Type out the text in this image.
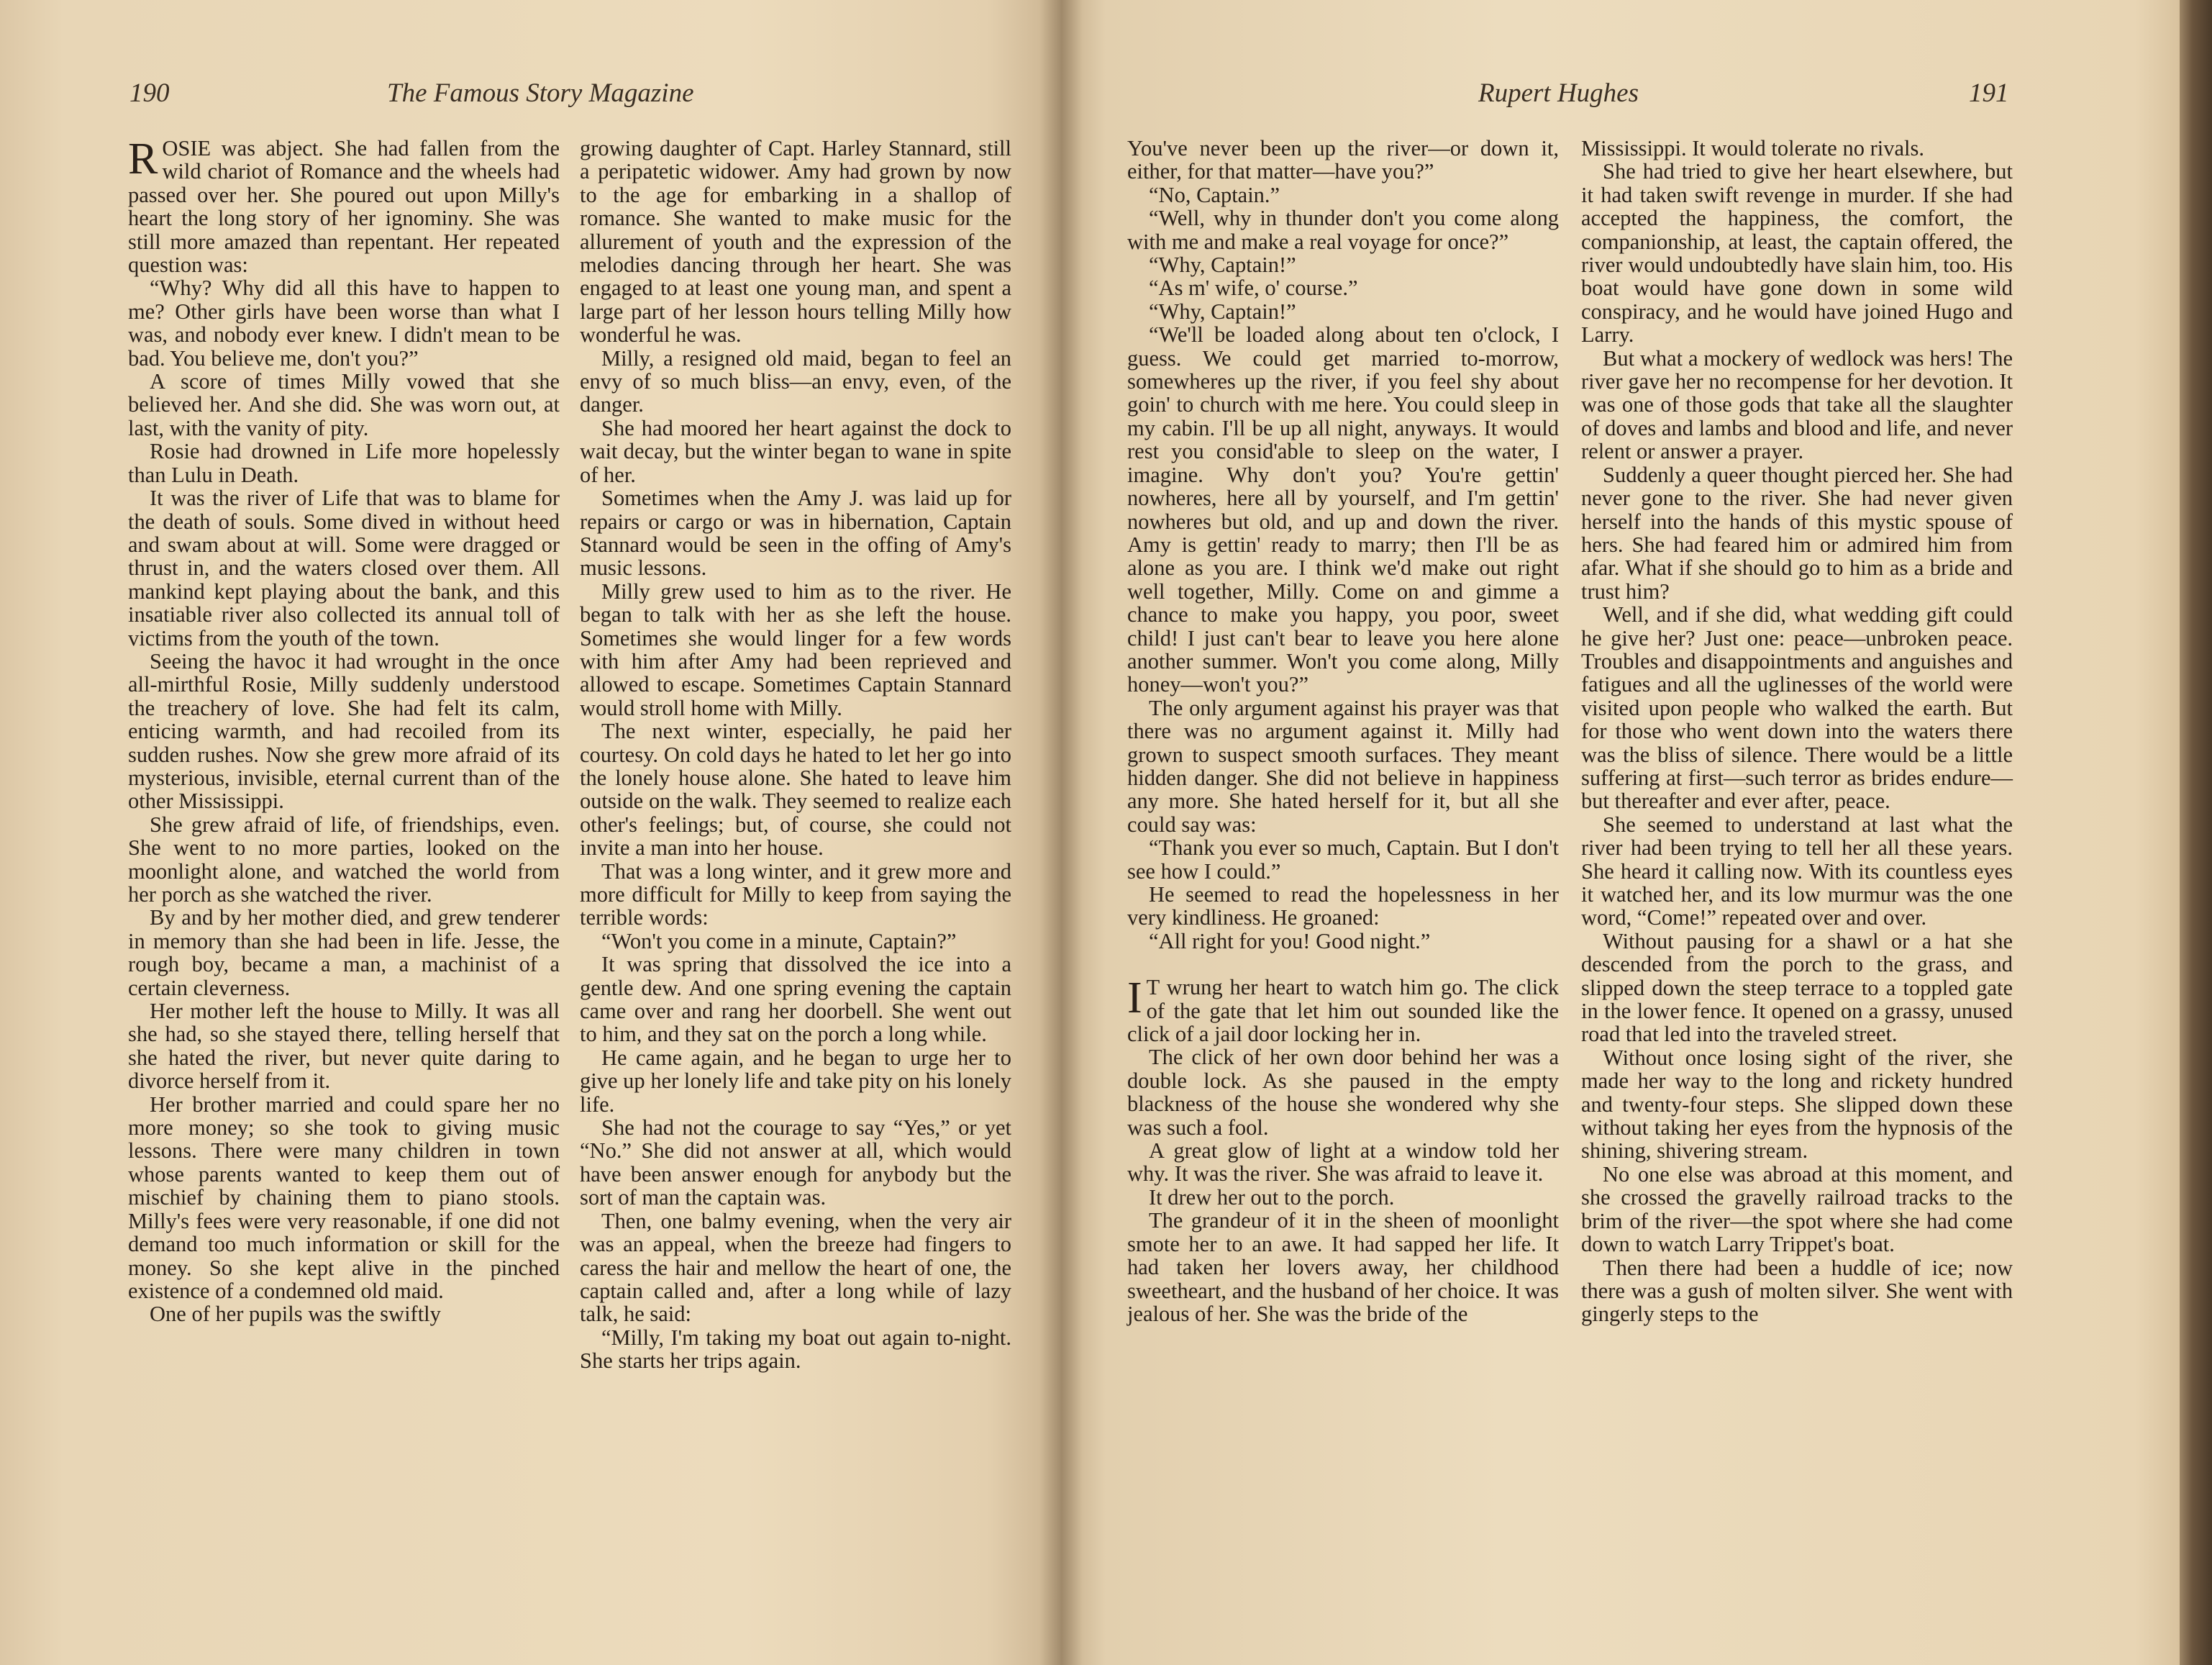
190	The Famous Story Magazine

ROSIE was abject. She had fallen from the wild chariot of Romance and the wheels had passed over her. She poured out upon Milly's heart the long story of her ignominy. She was still more amazed than repentant. Her repeated question was:

“Why? Why did all this have to happen to me? Other girls have been worse than what I was, and nobody ever knew. I didn't mean to be bad. You believe me, don't you?”

A score of times Milly vowed that she believed her. And she did. She was worn out, at last, with the vanity of pity.

Rosie had drowned in Life more hopelessly than Lulu in Death.

It was the river of Life that was to blame for the death of souls. Some dived in without heed and swam about at will. Some were dragged or thrust in, and the waters closed over them. All mankind kept playing about the bank, and this insatiable river also collected its annual toll of victims from the youth of the town.

Seeing the havoc it had wrought in the once all-mirthful Rosie, Milly suddenly understood the treachery of love. She had felt its calm, enticing warmth, and had recoiled from its sudden rushes. Now she grew more afraid of its mysterious, invisible, eternal current than of the other Mississippi.

She grew afraid of life, of friendships, even. She went to no more parties, looked on the moonlight alone, and watched the world from her porch as she watched the river.

By and by her mother died, and grew tenderer in memory than she had been in life. Jesse, the rough boy, became a man, a machinist of a certain cleverness.

Her mother left the house to Milly. It was all she had, so she stayed there, telling herself that she hated the river, but never quite daring to divorce herself from it.

Her brother married and could spare her no more money; so she took to giving music lessons. There were many children in town whose parents wanted to keep them out of mischief by chaining them to piano stools. Milly's fees were very reasonable, if one did not demand too much information or skill for the money. So she kept alive in the pinched existence of a condemned old maid.

One of her pupils was the swiftly

growing daughter of Capt. Harley Stannard, still a peripatetic widower. Amy had grown by now to the age for embarking in a shallop of romance. She wanted to make music for the allurement of youth and the expression of the melodies dancing through her heart. She was engaged to at least one young man, and spent a large part of her lesson hours telling Milly how wonderful he was.

Milly, a resigned old maid, began to feel an envy of so much bliss—an envy, even, of the danger.

She had moored her heart against the dock to wait decay, but the winter began to wane in spite of her.

Sometimes when the Amy J. was laid up for repairs or cargo or was in hibernation, Captain Stannard would be seen in the offing of Amy's music lessons.

Milly grew used to him as to the river. He began to talk with her as she left the house. Sometimes she would linger for a few words with him after Amy had been reprieved and allowed to escape. Sometimes Captain Stannard would stroll home with Milly.

The next winter, especially, he paid her courtesy. On cold days he hated to let her go into the lonely house alone. She hated to leave him outside on the walk. They seemed to realize each other's feelings; but, of course, she could not invite a man into her house.

That was a long winter, and it grew more and more difficult for Milly to keep from saying the terrible words:

“Won't you come in a minute, Captain?”

It was spring that dissolved the ice into a gentle dew. And one spring evening the captain came over and rang her doorbell. She went out to him, and they sat on the porch a long while.

He came again, and he began to urge her to give up her lonely life and take pity on his lonely life.

She had not the courage to say “Yes,” or yet “No.” She did not answer at all, which would have been answer enough for anybody but the sort of man the captain was.

Then, one balmy evening, when the very air was an appeal, when the breeze had fingers to caress the hair and mellow the heart of one, the captain called and, after a long while of lazy talk, he said:

“Milly, I'm taking my boat out again to-night. She starts her trips again.

Rupert Hughes	191

You've never been up the river—or down it, either, for that matter—have you?”

“No, Captain.”

“Well, why in thunder don't you come along with me and make a real voyage for once?”

“Why, Captain!”

“As m' wife, o' course.”

“Why, Captain!”

“We'll be loaded along about ten o'clock, I guess. We could get married to-morrow, somewheres up the river, if you feel shy about goin' to church with me here. You could sleep in my cabin. I'll be up all night, anyways. It would rest you consid'able to sleep on the water, I imagine. Why don't you? You're gettin' nowheres, here all by yourself, and I'm gettin' nowheres but old, and up and down the river. Amy is gettin' ready to marry; then I'll be as alone as you are. I think we'd make out right well together, Milly. Come on and gimme a chance to make you happy, you poor, sweet child! I just can't bear to leave you here alone another summer. Won't you come along, Milly honey—won't you?”

The only argument against his prayer was that there was no argument against it. Milly had grown to suspect smooth surfaces. They meant hidden danger. She did not believe in happiness any more. She hated herself for it, but all she could say was:

“Thank you ever so much, Captain. But I don't see how I could.”

He seemed to read the hopelessness in her very kindliness. He groaned:

“All right for you! Good night.”

I T wrung her heart to watch him go. The click of the gate that let him out sounded like the click of a jail door locking her in.

The click of her own door behind her was a double lock. As she paused in the empty blackness of the house she wondered why she was such a fool.

A great glow of light at a window told her why. It was the river. She was afraid to leave it.

It drew her out to the porch.

The grandeur of it in the sheen of moonlight smote her to an awe. It had sapped her life. It had taken her lovers away, her childhood sweetheart, and the husband of her choice. It was jealous of her. She was the bride of the

Mississippi. It would tolerate no rivals.

She had tried to give her heart elsewhere, but it had taken swift revenge in murder. If she had accepted the happiness, the comfort, the companionship, at least, the captain offered, the river would undoubtedly have slain him, too. His boat would have gone down in some wild conspiracy, and he would have joined Hugo and Larry.

But what a mockery of wedlock was hers! The river gave her no recompense for her devotion. It was one of those gods that take all the slaughter of doves and lambs and blood and life, and never relent or answer a prayer.

Suddenly a queer thought pierced her. She had never gone to the river. She had never given herself into the hands of this mystic spouse of hers. She had feared him or admired him from afar. What if she should go to him as a bride and trust him?

Well, and if she did, what wedding gift could he give her? Just one: peace—unbroken peace. Troubles and disappointments and anguishes and fatigues and all the uglinesses of the world were visited upon people who walked the earth. But for those who went down into the waters there was the bliss of silence. There would be a little suffering at first—such terror as brides endure—but thereafter and ever after, peace.

She seemed to understand at last what the river had been trying to tell her all these years. She heard it calling now. With its countless eyes it watched her, and its low murmur was the one word, “Come!” repeated over and over.

Without pausing for a shawl or a hat she descended from the porch to the grass, and slipped down the steep terrace to a toppled gate in the lower fence. It opened on a grassy, unused road that led into the traveled street.

Without once losing sight of the river, she made her way to the long and rickety hundred and twenty-four steps. She slipped down these without taking her eyes from the hypnosis of the shining, shivering stream.

No one else was abroad at this moment, and she crossed the gravelly railroad tracks to the brim of the river—the spot where she had come down to watch Larry Trippet's boat.

Then there had been a huddle of ice; now there was a gush of molten silver. She went with gingerly steps to the
